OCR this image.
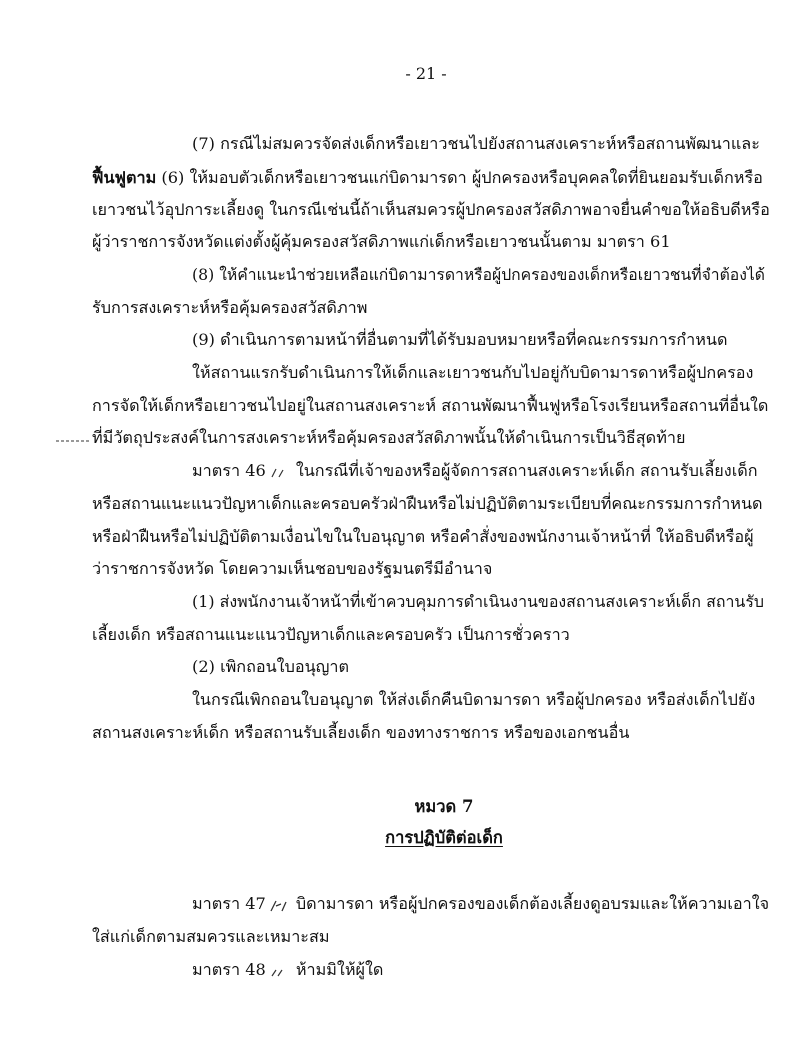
- 21 -
(7) กรณีไม่สมควรจัดส่งเด็กหรือเยาวชนไปยังสถานสงเคราะห์หรือสถานพัฒนาและ
ฟื้นฟูตาม (6) ให้มอบตัวเด็กหรือเยาวชนแก่บิดามารดา ผู้ปกครองหรือบุคคลใดที่ยินยอมรับเด็กหรือ
เยาวชนไว้อุปการะเลี้ยงดู ในกรณีเช่นนี้ถ้าเห็นสมควรผู้ปกครองสวัสดิภาพอาจยื่นคำขอให้อธิบดีหรือ
ผู้ว่าราชการจังหวัดแต่งตั้งผู้คุ้มครองสวัสดิภาพแก่เด็กหรือเยาวชนนั้นตาม มาตรา 61
(8) ให้คำแนะนำช่วยเหลือแก่บิดามารดาหรือผู้ปกครองของเด็กหรือเยาวชนที่จำต้องได้
รับการสงเคราะห์หรือคุ้มครองสวัสดิภาพ
(9) ดำเนินการตามหน้าที่อื่นตามที่ได้รับมอบหมายหรือที่คณะกรรมการกำหนด
ให้สถานแรกรับดำเนินการให้เด็กและเยาวชนกับไปอยู่กับบิดามารดาหรือผู้ปกครอง
การจัดให้เด็กหรือเยาวชนไปอยู่ในสถานสงเคราะห์ สถานพัฒนาฟื้นฟูหรือโรงเรียนหรือสถานที่อื่นใด
ที่มีวัตถุประสงค์ในการสงเคราะห์หรือคุ้มครองสวัสดิภาพนั้นให้ดำเนินการเป็นวิธีสุดท้าย
มาตรา 46 ในกรณีที่เจ้าของหรือผู้จัดการสถานสงเคราะห์เด็ก สถานรับเลี้ยงเด็ก
หรือสถานแนะแนวปัญหาเด็กและครอบครัวฝ่าฝืนหรือไม่ปฏิบัติตามระเบียบที่คณะกรรมการกำหนด
หรือฝ่าฝืนหรือไม่ปฏิบัติตามเงื่อนไขในใบอนุญาต หรือคำสั่งของพนักงานเจ้าหน้าที่ ให้อธิบดีหรือผู้
ว่าราชการจังหวัด โดยความเห็นชอบของรัฐมนตรีมีอำนาจ
(1) ส่งพนักงานเจ้าหน้าที่เข้าควบคุมการดำเนินงานของสถานสงเคราะห์เด็ก สถานรับ
เลี้ยงเด็ก หรือสถานแนะแนวปัญหาเด็กและครอบครัว เป็นการชั่วคราว
(2) เพิกถอนใบอนุญาต
ในกรณีเพิกถอนใบอนุญาต ให้ส่งเด็กคืนบิดามารดา หรือผู้ปกครอง หรือส่งเด็กไปยัง
สถานสงเคราะห์เด็ก หรือสถานรับเลี้ยงเด็ก ของทางราชการ หรือของเอกชนอื่น
หมวด 7
การปฏิบัติต่อเด็ก
มาตรา 47 บิดามารดา หรือผู้ปกครองของเด็กต้องเลี้ยงดูอบรมและให้ความเอาใจ
ใส่แก่เด็กตามสมควรและเหมาะสม
มาตรา 48 ห้ามมิให้ผู้ใด
